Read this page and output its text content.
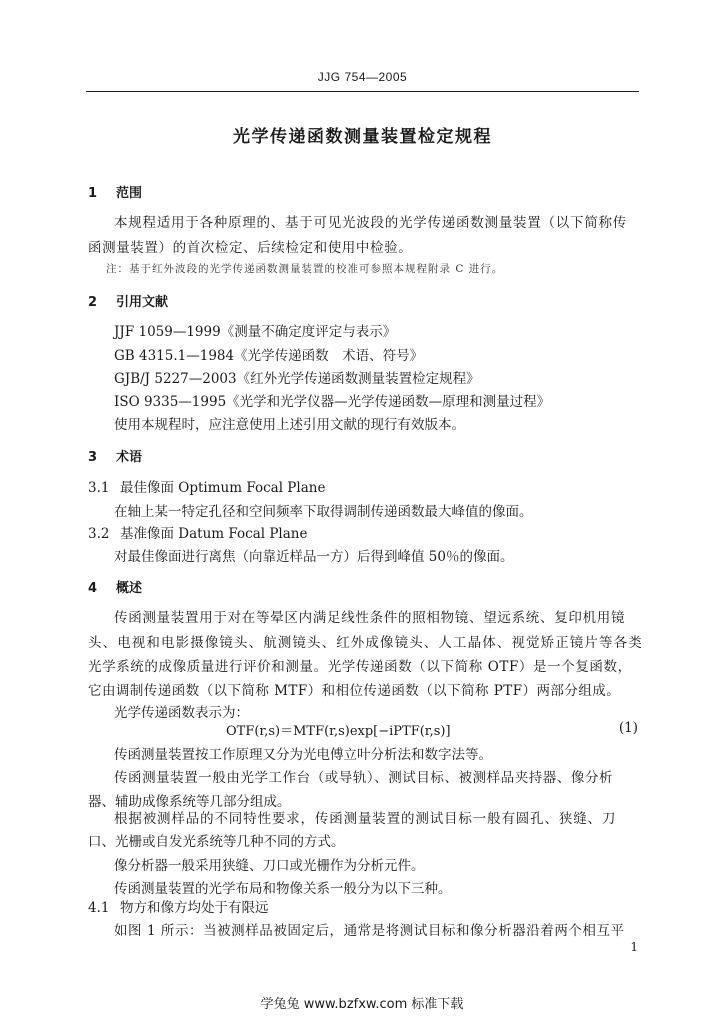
JJG 754—2005
光学传递函数测量装置检定规程
1 范围
本规程适用于各种原理的、基于可见光波段的光学传递函数测量装置（以下简称传
函测量装置）的首次检定、后续检定和使用中检验。
注：基于红外波段的光学传递函数测量装置的校准可参照本规程附录 C 进行。
2 引用文献
JJF 1059—1999《测量不确定度评定与表示》
GB 4315.1—1984《光学传递函数　术语、符号》
GJB/J 5227—2003《红外光学传递函数测量装置检定规程》
ISO 9335—1995《光学和光学仪器—光学传递函数—原理和测量过程》
使用本规程时，应注意使用上述引用文献的现行有效版本。
3 术语
3.1 最佳像面 Optimum Focal Plane
在轴上某一特定孔径和空间频率下取得调制传递函数最大峰值的像面。
3.2 基准像面 Datum Focal Plane
对最佳像面进行离焦（向靠近样品一方）后得到峰值 50％的像面。
4 概述
传函测量装置用于对在等晕区内满足线性条件的照相物镜、望远系统、复印机用镜
头、电视和电影摄像镜头、航测镜头、红外成像镜头、人工晶体、视觉矫正镜片等各类
光学系统的成像质量进行评价和测量。光学传递函数（以下简称 OTF）是一个复函数，
它由调制传递函数（以下简称 MTF）和相位传递函数（以下简称 PTF）两部分组成。
光学传递函数表示为：
OTF(r,s)＝MTF(r,s)exp[−iPTF(r,s)]	(1)
传函测量装置按工作原理又分为光电傅立叶分析法和数字法等。
传函测量装置一般由光学工作台（或导轨）、测试目标、被测样品夹持器、像分析
器、辅助成像系统等几部分组成。
根据被测样品的不同特性要求，传函测量装置的测试目标一般有圆孔、狭缝、刀
口、光栅或自发光系统等几种不同的方式。
像分析器一般采用狭缝、刀口或光栅作为分析元件。
传函测量装置的光学布局和物像关系一般分为以下三种。
4.1 物方和像方均处于有限远
如图 1 所示：当被测样品被固定后，通常是将测试目标和像分析器沿着两个相互平
1
学兔兔 www.bzfxw.com 标准下载
